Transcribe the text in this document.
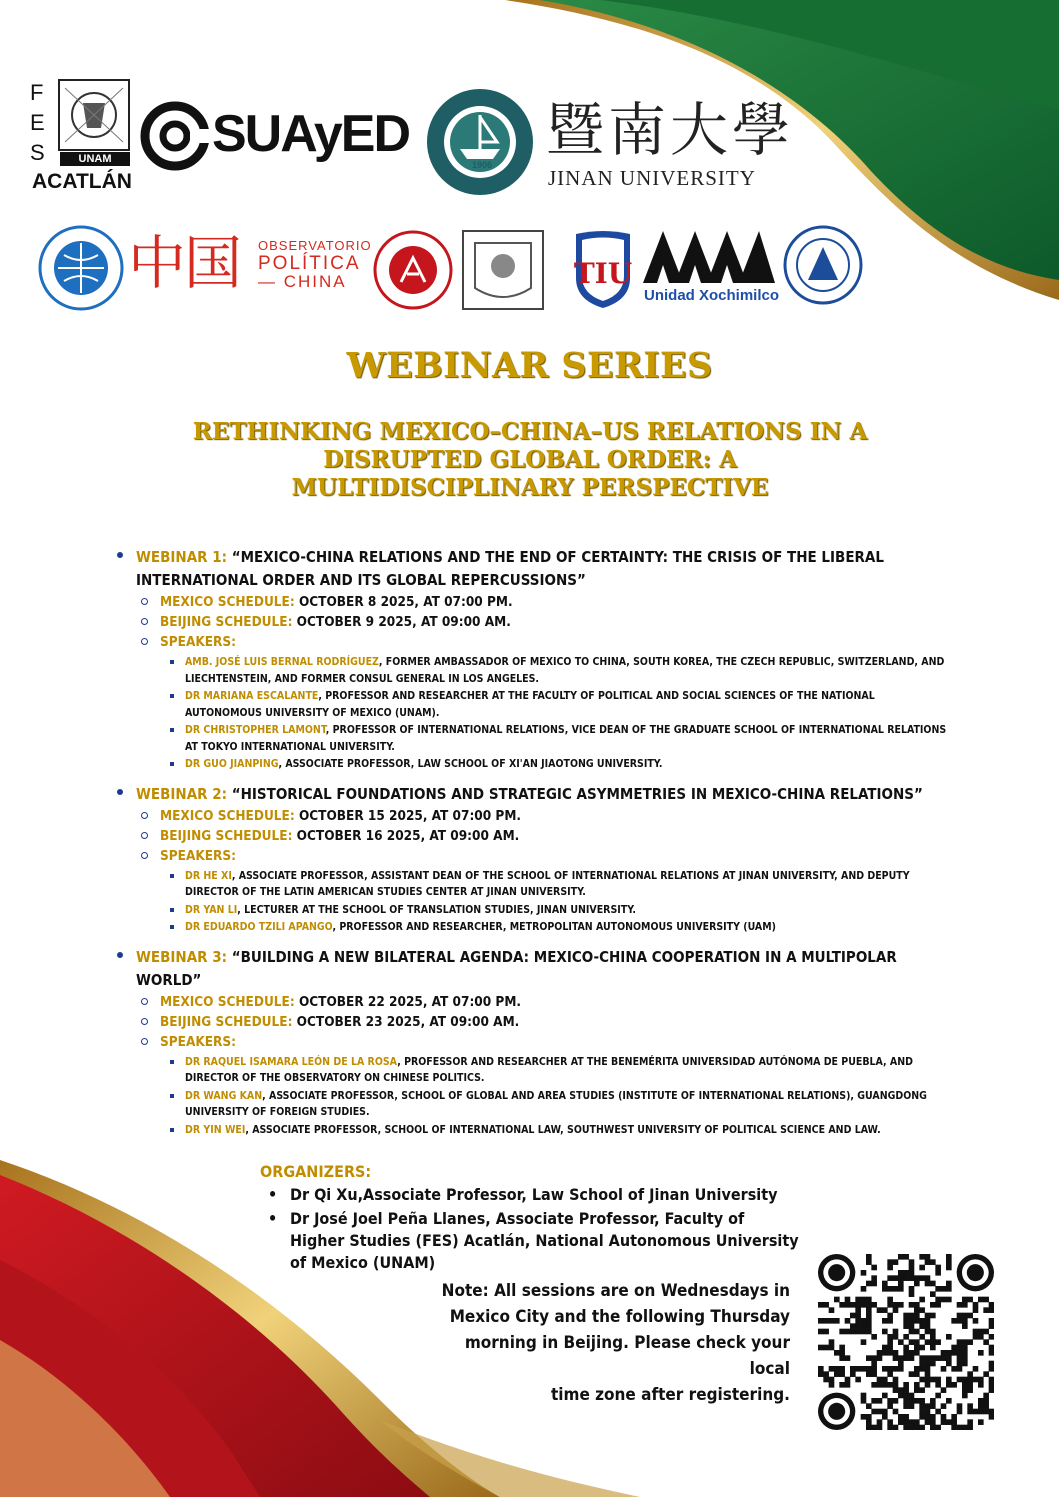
F
E
S	UNAM
ACATLÁN
SUAyED
1906
暨南大學
JINAN UNIVERSITY
中国 OBSERVATORIO
POLÍTICA
— CHINA	TIU
Unidad Xochimilco
WEBINAR SERIES
RETHINKING MEXICO–CHINA–US RELATIONS IN A
DISRUPTED GLOBAL ORDER: A
MULTIDISCIPLINARY PERSPECTIVE
WEBINAR 1: “MEXICO-CHINA RELATIONS AND THE END OF CERTAINTY: THE CRISIS OF THE LIBERAL INTERNATIONAL ORDER AND ITS GLOBAL REPERCUSSIONS”
MEXICO SCHEDULE: OCTOBER 8 2025, AT 07:00 PM.
BEIJING SCHEDULE: OCTOBER 9 2025, AT 09:00 AM.
SPEAKERS:
AMB. JOSÉ LUIS BERNAL RODRÍGUEZ, FORMER AMBASSADOR OF MEXICO TO CHINA, SOUTH KOREA, THE CZECH REPUBLIC, SWITZERLAND, AND LIECHTENSTEIN, AND FORMER CONSUL GENERAL IN LOS ANGELES.
DR MARIANA ESCALANTE, PROFESSOR AND RESEARCHER AT THE FACULTY OF POLITICAL AND SOCIAL SCIENCES OF THE NATIONAL AUTONOMOUS UNIVERSITY OF MEXICO (UNAM).
DR CHRISTOPHER LAMONT, PROFESSOR OF INTERNATIONAL RELATIONS, VICE DEAN OF THE GRADUATE SCHOOL OF INTERNATIONAL RELATIONS AT TOKYO INTERNATIONAL UNIVERSITY.
DR GUO JIANPING, ASSOCIATE PROFESSOR, LAW SCHOOL OF XI'AN JIAOTONG UNIVERSITY.
WEBINAR 2: “HISTORICAL FOUNDATIONS AND STRATEGIC ASYMMETRIES IN MEXICO-CHINA RELATIONS”
MEXICO SCHEDULE: OCTOBER 15 2025, AT 07:00 PM.
BEIJING SCHEDULE: OCTOBER 16 2025, AT 09:00 AM.
SPEAKERS:
DR HE XI, ASSOCIATE PROFESSOR, ASSISTANT DEAN OF THE SCHOOL OF INTERNATIONAL RELATIONS AT JINAN UNIVERSITY, AND DEPUTY DIRECTOR OF THE LATIN AMERICAN STUDIES CENTER AT JINAN UNIVERSITY.
DR YAN LI, LECTURER AT THE SCHOOL OF TRANSLATION STUDIES, JINAN UNIVERSITY.
DR EDUARDO TZILI APANGO, PROFESSOR AND RESEARCHER, METROPOLITAN AUTONOMOUS UNIVERSITY (UAM)
WEBINAR 3: “BUILDING A NEW BILATERAL AGENDA: MEXICO-CHINA COOPERATION IN A MULTIPOLAR WORLD”
MEXICO SCHEDULE: OCTOBER 22 2025, AT 07:00 PM.
BEIJING SCHEDULE: OCTOBER 23 2025, AT 09:00 AM.
SPEAKERS:
DR RAQUEL ISAMARA LEÓN DE LA ROSA, PROFESSOR AND RESEARCHER AT THE BENEMÉRITA UNIVERSIDAD AUTÓNOMA DE PUEBLA, AND DIRECTOR OF THE OBSERVATORY ON CHINESE POLITICS.
DR WANG KAN, ASSOCIATE PROFESSOR, SCHOOL OF GLOBAL AND AREA STUDIES (INSTITUTE OF INTERNATIONAL RELATIONS), GUANGDONG UNIVERSITY OF FOREIGN STUDIES.
DR YIN WEI, ASSOCIATE PROFESSOR, SCHOOL OF INTERNATIONAL LAW, SOUTHWEST UNIVERSITY OF POLITICAL SCIENCE AND LAW.
ORGANIZERS:
• Dr Qi Xu,Associate Professor, Law School of Jinan University
• Dr José Joel Peña Llanes, Associate Professor, Faculty of Higher Studies (FES) Acatlán, National Autonomous University of Mexico (UNAM)
Note: All sessions are on Wednesdays in
Mexico City and the following Thursday
morning in Beijing. Please check your local
time zone after registering.
